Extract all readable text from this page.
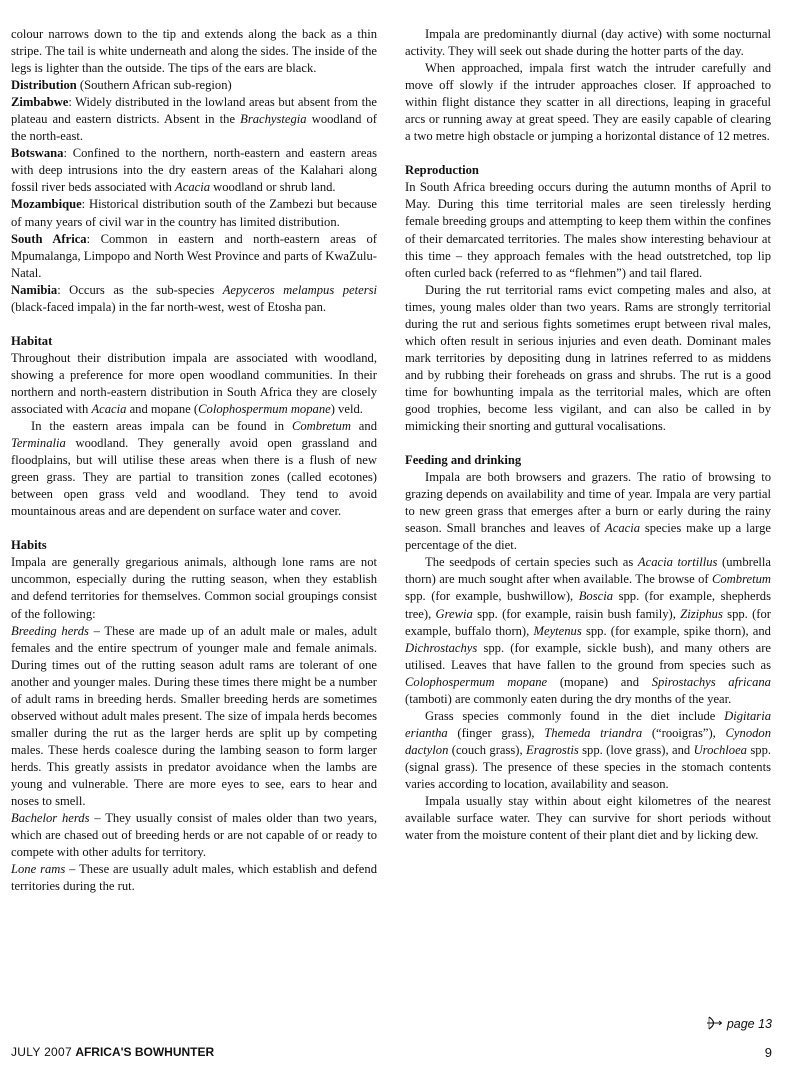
colour narrows down to the tip and extends along the back as a thin stripe. The tail is white underneath and along the sides. The inside of the legs is lighter than the outside. The tips of the ears are black.

Distribution (Southern African sub-region)

Zimbabwe: Widely distributed in the lowland areas but absent from the plateau and eastern districts. Absent in the Brachystegia woodland of the north-east.

Botswana: Confined to the northern, north-eastern and eastern areas with deep intrusions into the dry eastern areas of the Kalahari along fossil river beds associated with Acacia woodland or shrub land.

Mozambique: Historical distribution south of the Zambezi but because of many years of civil war in the country has limited distribution.

South Africa: Common in eastern and north-eastern areas of Mpumalanga, Limpopo and North West Province and parts of KwaZulu-Natal.

Namibia: Occurs as the sub-species Aepyceros melampus petersi (black-faced impala) in the far north-west, west of Etosha pan.

Habitat

Throughout their distribution impala are associated with woodland, showing a preference for more open woodland communities. In their northern and north-eastern distribution in South Africa they are closely associated with Acacia and mopane (Colophospermum mopane) veld.

In the eastern areas impala can be found in Combretum and Terminalia woodland. They generally avoid open grassland and floodplains, but will utilise these areas when there is a flush of new green grass. They are partial to transition zones (called ecotones) between open grass veld and woodland. They tend to avoid mountainous areas and are dependent on surface water and cover.

Habits

Impala are generally gregarious animals, although lone rams are not uncommon, especially during the rutting season, when they establish and defend territories for themselves. Common social groupings consist of the following:

Breeding herds – These are made up of an adult male or males, adult females and the entire spectrum of younger male and female animals. During times out of the rutting season adult rams are tolerant of one another and younger males. During these times there might be a number of adult rams in breeding herds. Smaller breeding herds are sometimes observed without adult males present. The size of impala herds becomes smaller during the rut as the larger herds are split up by competing males. These herds coalesce during the lambing season to form larger herds. This greatly assists in predator avoidance when the lambs are young and vulnerable. There are more eyes to see, ears to hear and noses to smell.

Bachelor herds – They usually consist of males older than two years, which are chased out of breeding herds or are not capable of or ready to compete with other adults for territory.

Lone rams – These are usually adult males, which establish and defend territories during the rut.

Impala are predominantly diurnal (day active) with some nocturnal activity. They will seek out shade during the hotter parts of the day.

When approached, impala first watch the intruder carefully and move off slowly if the intruder approaches closer. If approached to within flight distance they scatter in all directions, leaping in graceful arcs or running away at great speed. They are easily capable of clearing a two metre high obstacle or jumping a horizontal distance of 12 metres.

Reproduction

In South Africa breeding occurs during the autumn months of April to May. During this time territorial males are seen tirelessly herding female breeding groups and attempting to keep them within the confines of their demarcated territories. The males show interesting behaviour at this time – they approach females with the head outstretched, top lip often curled back (referred to as “flehmen”) and tail flared.

During the rut territorial rams evict competing males and also, at times, young males older than two years. Rams are strongly territorial during the rut and serious fights sometimes erupt between rival males, which often result in serious injuries and even death. Dominant males mark territories by depositing dung in latrines referred to as middens and by rubbing their foreheads on grass and shrubs. The rut is a good time for bowhunting impala as the territorial males, which are often good trophies, become less vigilant, and can also be called in by mimicking their snorting and guttural vocalisations.

Feeding and drinking

Impala are both browsers and grazers. The ratio of browsing to grazing depends on availability and time of year. Impala are very partial to new green grass that emerges after a burn or early during the rainy season. Small branches and leaves of Acacia species make up a large percentage of the diet.

The seedpods of certain species such as Acacia tortillus (umbrella thorn) are much sought after when available. The browse of Combretum spp. (for example, bushwillow), Boscia spp. (for example, shepherds tree), Grewia spp. (for example, raisin bush family), Ziziphus spp. (for example, buffalo thorn), Meytenus spp. (for example, spike thorn), and Dichrostachys spp. (for example, sickle bush), and many others are utilised. Leaves that have fallen to the ground from species such as Colophospermum mopane (mopane) and Spirostachys africana (tamboti) are commonly eaten during the dry months of the year.

Grass species commonly found in the diet include Digitaria eriantha (finger grass), Themeda triandra (“rooigras”), Cynodon dactylon (couch grass), Eragrostis spp. (love grass), and Urochloea spp. (signal grass). The presence of these species in the stomach contents varies according to location, availability and season.

Impala usually stay within about eight kilometres of the nearest available surface water. They can survive for short periods without water from the moisture content of their plant diet and by licking dew.

page 13
JULY 2007 AFRICA'S BOWHUNTER	9
